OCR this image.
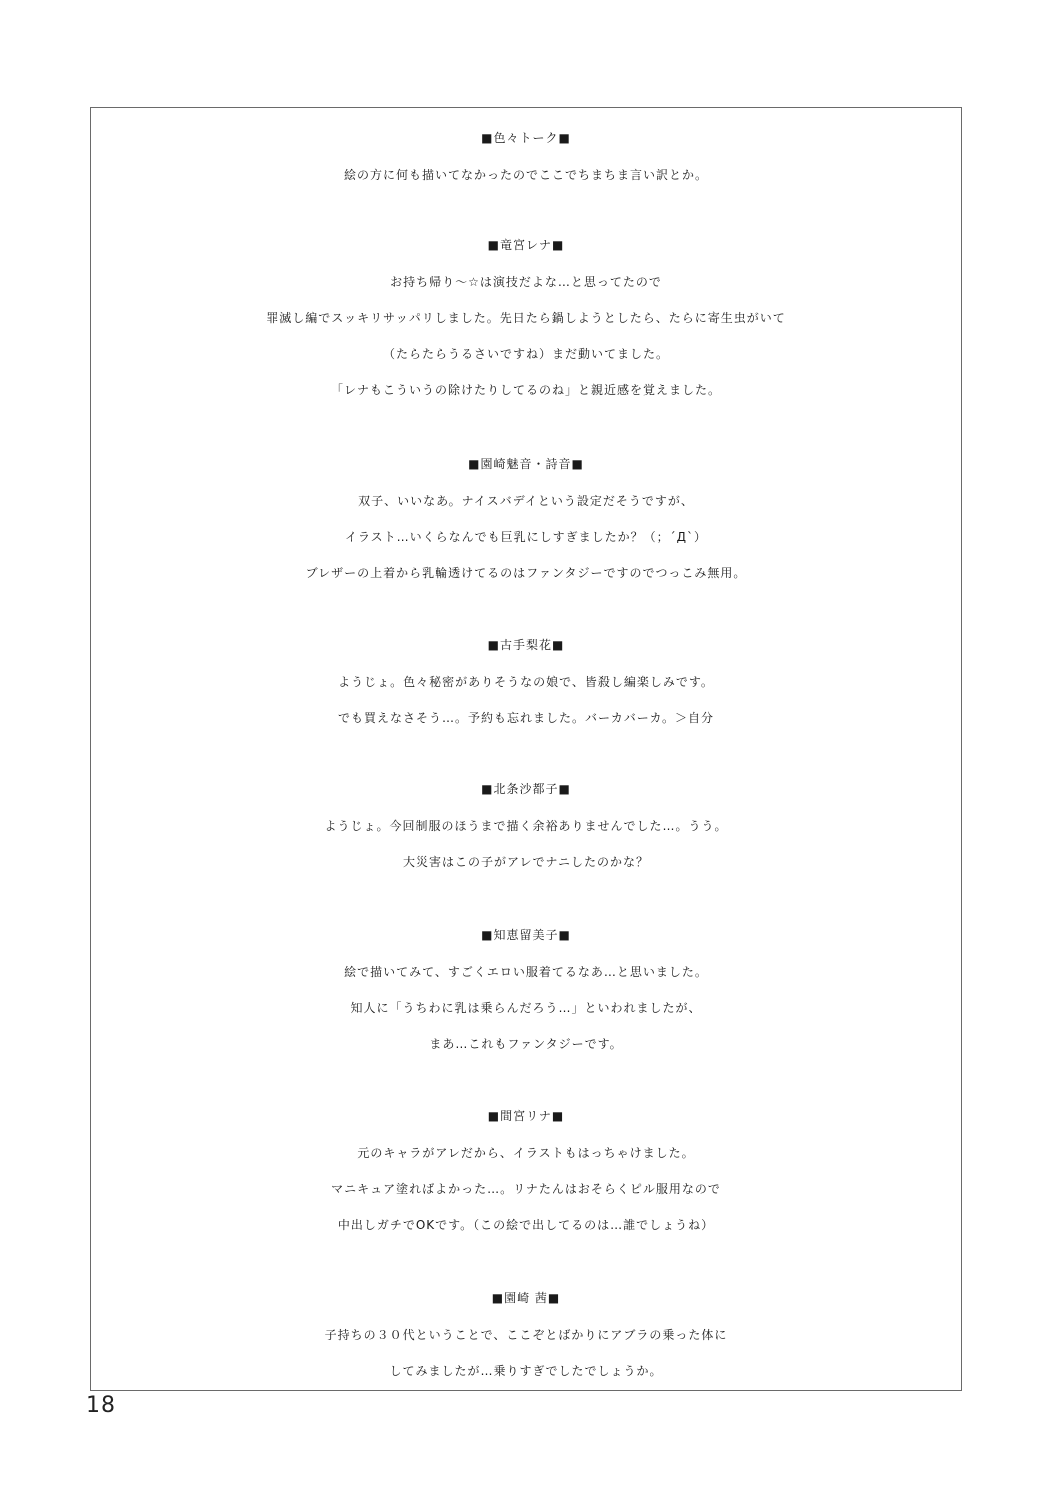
■色々トーク■
絵の方に何も描いてなかったのでここでちまちま言い訳とか。
■竜宮レナ■
お持ち帰り～☆は演技だよな…と思ってたので
罪滅し編でスッキリサッパリしました。先日たら鍋しようとしたら、たらに寄生虫がいて
（たらたらうるさいですね）まだ動いてました。
「レナもこういうの除けたりしてるのね」と親近感を覚えました。
■園崎魅音・詩音■
双子、いいなあ。ナイスバデイという設定だそうですが、
イラスト…いくらなんでも巨乳にしすぎましたか？（；´Д`）
ブレザーの上着から乳輪透けてるのはファンタジーですのでつっこみ無用。
■古手梨花■
ようじょ。色々秘密がありそうなの娘で、皆殺し編楽しみです。
でも買えなさそう…。予約も忘れました。バーカバーカ。＞自分
■北条沙都子■
ようじょ。今回制服のほうまで描く余裕ありませんでした…。うう。
大災害はこの子がアレでナニしたのかな？
■知恵留美子■
絵で描いてみて、すごくエロい服着てるなあ…と思いました。
知人に「うちわに乳は乗らんだろう…」といわれましたが、
まあ…これもファンタジーです。
■間宮リナ■
元のキャラがアレだから、イラストもはっちゃけました。
マニキュア塗ればよかった…。リナたんはおそらくピル服用なので
中出しガチでOKです。（この絵で出してるのは…誰でしょうね）
■園崎 茜■
子持ちの３０代ということで、ここぞとばかりにアブラの乗った体に
してみましたが…乗りすぎでしたでしょうか。
18
